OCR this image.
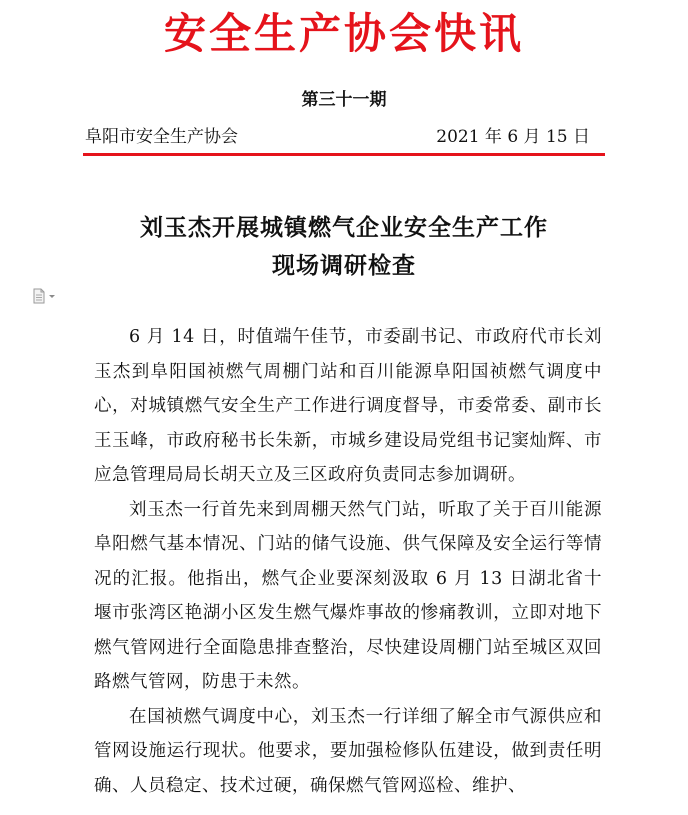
安全生产协会快讯
第三十一期
阜阳市安全生产协会	2021 年 6 月 15 日
刘玉杰开展城镇燃气企业安全生产工作
现场调研检查

6 月 14 日，时值端午佳节，市委副书记、市政府代市长刘玉杰到阜阳国祯燃气周棚门站和百川能源阜阳国祯燃气调度中心，对城镇燃气安全生产工作进行调度督导，市委常委、副市长王玉峰，市政府秘书长朱新，市城乡建设局党组书记窦灿辉、市应急管理局局长胡天立及三区政府负责同志参加调研。

刘玉杰一行首先来到周棚天然气门站，听取了关于百川能源阜阳燃气基本情况、门站的储气设施、供气保障及安全运行等情况的汇报。他指出，燃气企业要深刻汲取 6 月 13 日湖北省十堰市张湾区艳湖小区发生燃气爆炸事故的惨痛教训，立即对地下燃气管网进行全面隐患排查整治，尽快建设周棚门站至城区双回路燃气管网，防患于未然。

在国祯燃气调度中心，刘玉杰一行详细了解全市气源供应和管网设施运行现状。他要求，要加强检修队伍建设，做到责任明确、人员稳定、技术过硬，确保燃气管网巡检、维护、
